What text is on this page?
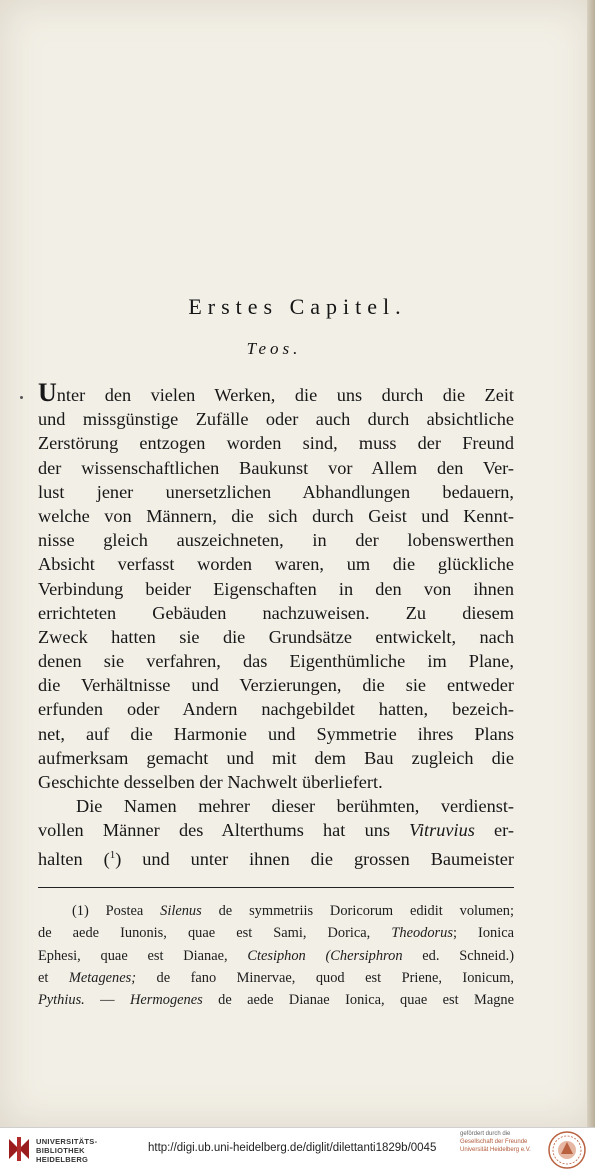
Erstes Capitel.
Teos.
Unter den vielen Werken, die uns durch die Zeit
und missgünstige Zufälle oder auch durch absichtliche
Zerstörung entzogen worden sind, muss der Freund
der wissenschaftlichen Baukunst vor Allem den Ver-
lust jener unersetzlichen Abhandlungen bedauern,
welche von Männern, die sich durch Geist und Kennt-
nisse gleich auszeichneten, in der lobenswerthen
Absicht verfasst worden waren, um die glückliche
Verbindung beider Eigenschaften in den von ihnen
errichteten Gebäuden nachzuweisen. Zu diesem
Zweck hatten sie die Grundsätze entwickelt, nach
denen sie verfahren, das Eigenthümliche im Plane,
die Verhältnisse und Verzierungen, die sie entweder
erfunden oder Andern nachgebildet hatten, bezeich-
net, auf die Harmonie und Symmetrie ihres Plans
aufmerksam gemacht und mit dem Bau zugleich die
Geschichte desselben der Nachwelt überliefert.
Die Namen mehrer dieser berühmten, verdienst-
vollen Männer des Alterthums hat uns Vitruvius er-
halten ($^1$) und unter ihnen die grossen Baumeister
(1) Postea Silenus de symmetriis Doricorum edidit volumen;
de aede Iunonis, quae est Sami, Dorica, Theodorus; Ionica
Ephesi, quae est Dianae, Ctesiphon (Chersiphron ed. Schneid.)
et Metagenes; de fano Minervae, quod est Priene, Ionicum,
Pythius. — Hermogenes de aede Dianae Ionica, quae est Magne
UNIVERSITÄTS-
BIBLIOTHEK
HEIDELBERG
http://digi.ub.uni-heidelberg.de/diglit/dilettanti1829b/0045
gefördert durch die
Gesellschaft der Freunde
Universität Heidelberg e.V.
